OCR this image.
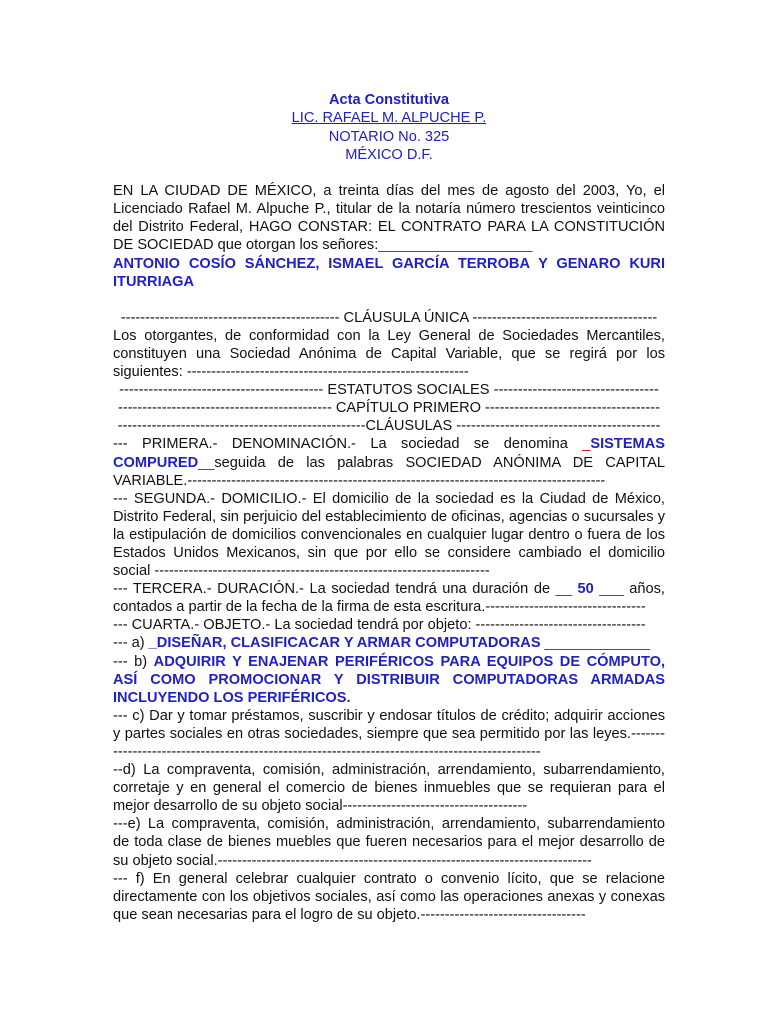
Acta Constitutiva
LIC. RAFAEL M. ALPUCHE P.
NOTARIO No. 325
MÉXICO D.F.
EN LA CIUDAD DE MÉXICO, a treinta días del mes de agosto del 2003, Yo, el Licenciado Rafael M. Alpuche P., titular de la notaría número trescientos veinticinco del Distrito Federal, HAGO CONSTAR: EL CONTRATO PARA LA CONSTITUCIÓN DE SOCIEDAD que otorgan los señores:___________________
ANTONIO COSÍO SÁNCHEZ, ISMAEL GARCÍA TERROBA Y GENARO KURI ITURRIAGA
--------------------------------------------- CLÁUSULA ÚNICA --------------------------------------
Los otorgantes, de conformidad con la Ley General de Sociedades Mercantiles, constituyen una Sociedad Anónima de Capital Variable, que se regirá por los siguientes: ----------------------------------------------------------
------------------------------------------ ESTATUTOS SOCIALES ----------------------------------
-------------------------------------------- CAPÍTULO PRIMERO ------------------------------------
---------------------------------------------------CLÁUSULAS ------------------------------------------
--- PRIMERA.- DENOMINACIÓN.- La sociedad se denomina _SISTEMAS COMPURED__seguida de las palabras SOCIEDAD ANÓNIMA DE CAPITAL VARIABLE.--------------------------------------------------------------------------------------
--- SEGUNDA.- DOMICILIO.- El domicilio de la sociedad es la Ciudad de México, Distrito Federal, sin perjuicio del establecimiento de oficinas, agencias o sucursales y la estipulación de domicilios convencionales en cualquier lugar dentro o fuera de los Estados Unidos Mexicanos, sin que por ello se considere cambiado el domicilio social ---------------------------------------------------------------------
--- TERCERA.- DURACIÓN.- La sociedad tendrá una duración de __ 50 ___ años, contados a partir de la fecha de la firma de esta escritura.---------------------------------
--- CUARTA.- OBJETO.- La sociedad tendrá por objeto: -----------------------------------
--- a) _DISEÑAR, CLASIFICACAR Y ARMAR COMPUTADORAS _____________
--- b) ADQUIRIR Y ENAJENAR PERIFÉRICOS PARA EQUIPOS DE CÓMPUTO, ASÍ COMO PROMOCIONAR Y DISTRIBUIR COMPUTADORAS ARMADAS INCLUYENDO LOS PERIFÉRICOS.
--- c) Dar y tomar préstamos, suscribir y endosar títulos de crédito; adquirir acciones y partes sociales en otras sociedades, siempre que sea permitido por las leyes.-----------------------------------------------------------------------------------------------
--d) La compraventa, comisión, administración, arrendamiento, subarrendamiento, corretaje y en general el comercio de bienes inmuebles que se requieran para el mejor desarrollo de su objeto social--------------------------------------
---e) La compraventa, comisión, administración, arrendamiento, subarrendamiento de toda clase de bienes muebles que fueren necesarios para el mejor desarrollo de su objeto social.-----------------------------------------------------------------------------
--- f) En general celebrar cualquier contrato o convenio lícito, que se relacione directamente con los objetivos sociales, así como las operaciones anexas y conexas que sean necesarias para el logro de su objeto.----------------------------------
